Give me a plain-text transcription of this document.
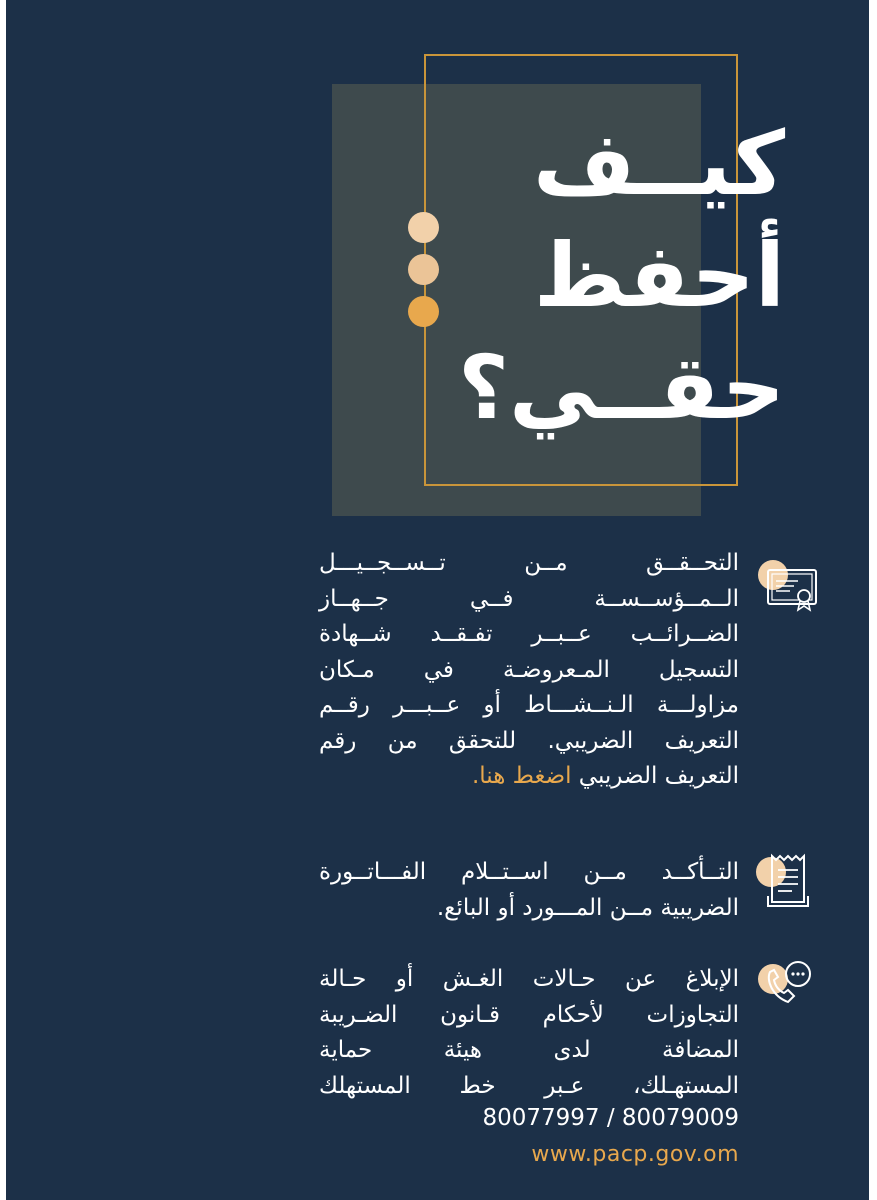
كيــف
أحفظ
حقــي؟

التحــقــق مــن تــســجــيـــل
الــمــؤســســة فــي جــهــاز
الضــرائــب عــبــر تفـقــد شــهادة
التسجيل المـعروضـة في مـكان
مزاولـــة الـنــشـــاط أو عــبـــر رقــم
التعريف الضريبي. للتحقق من رقم

التعريف الضريبي اضغط هنا.

التــأكــد مــن اســتــلام الفـــاتــورة

الضريبية مــن المـــورد أو البائع.

الإبلاغ عن حـالات الغـش أو حـالة
التجاوزات لأحكام قـانون الضـريبة
المضافة لدى هيئة حماية
المستهـلك، عـبر خط المستهلك

80077997 / 80079009
www.pacp.gov.om
